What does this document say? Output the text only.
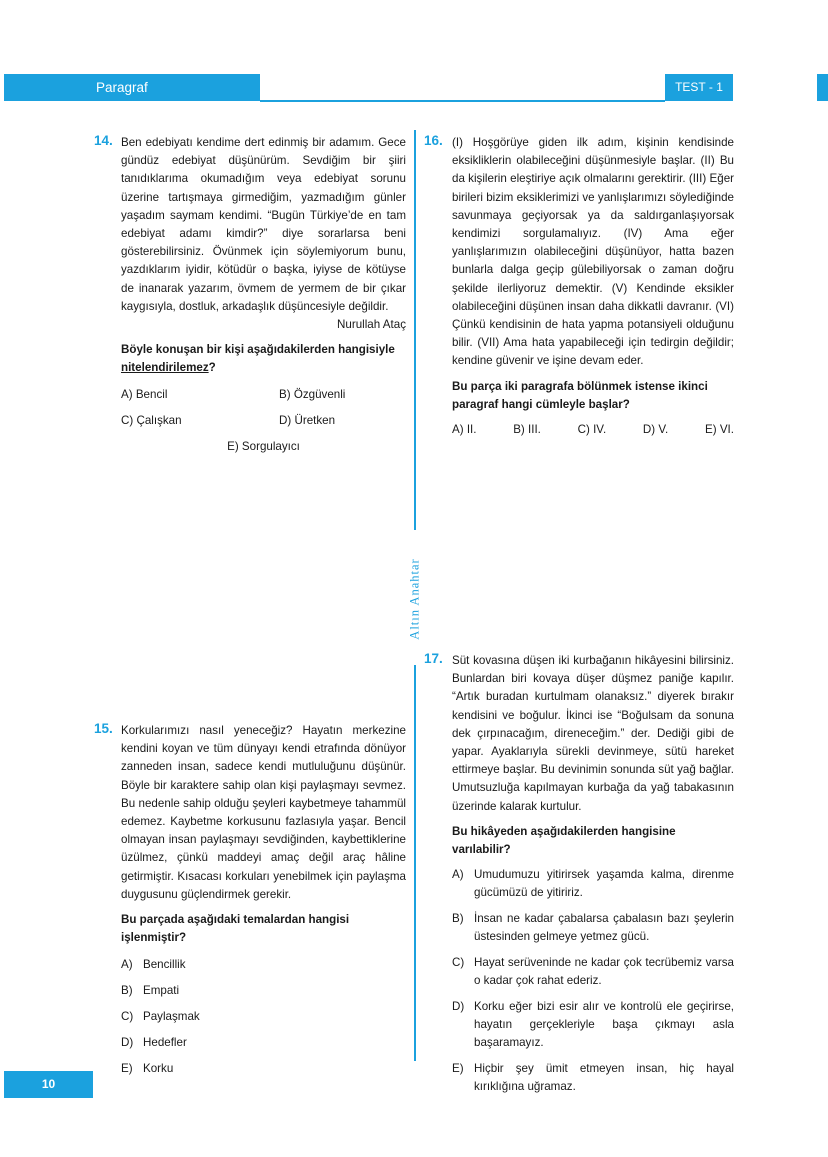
Paragraf	TEST - 1
Altın Anahtar
14. Ben edebiyatı kendime dert edinmiş bir adamım. Gece gündüz edebiyat düşünürüm. Sevdiğim bir şiiri tanıdıklarıma okumadığım veya edebiyat sorunu üzerine tartışmaya girmediğim, yazmadığım günler yaşadım saymam kendimi. “Bugün Türkiye’de en tam edebiyat adamı kimdir?” diye sorarlarsa beni gösterebilirsiniz. Övünmek için söylemiyorum bunu, yazdıklarım iyidir, kötüdür o başka, iyiyse de kötüyse de inanarak yazarım, övmem de yermem de bir çıkar kaygısıyla, dostluk, arkadaşlık düşüncesiyle değildir.

Nurullah Ataç

Böyle konuşan bir kişi aşağıdakilerden hangisiyle nitelendirilemez?

A) Bencil	B) Özgüvenli
C) Çalışkan	D) Üretken
E) Sorgulayıcı
15. Korkularımızı nasıl yeneceğiz? Hayatın merkezine kendini koyan ve tüm dünyayı kendi etrafında dönüyor zanneden insan, sadece kendi mutluluğunu düşünür. Böyle bir karaktere sahip olan kişi paylaşmayı sevmez. Bu nedenle sahip olduğu şeyleri kaybetmeye tahammül edemez. Kaybetme korkusunu fazlasıyla yaşar. Bencil olmayan insan paylaşmayı sevdiğinden, kaybettiklerine üzülmez, çünkü maddeyi amaç değil araç hâline getirmiştir. Kısacası korkuları yenebilmek için paylaşma duygusunu güçlendirmek gerekir.

Bu parçada aşağıdaki temalardan hangisi işlenmiştir?

A) Bencillik
B) Empati
C) Paylaşmak
D) Hedefler
E) Korku
16. (I) Hoşgörüye giden ilk adım, kişinin kendisinde eksikliklerin olabileceğini düşünmesiyle başlar. (II) Bu da kişilerin eleştiriye açık olmalarını gerektirir. (III) Eğer birileri bizim eksiklerimizi ve yanlışlarımızı söylediğinde savunmaya geçiyorsak ya da saldırganlaşıyorsak kendimizi sorgulamalıyız. (IV) Ama eğer yanlışlarımızın olabileceğini düşünüyor, hatta bazen bunlarla dalga geçip gülebiliyorsak o zaman doğru şekilde ilerliyoruz demektir. (V) Kendinde eksikler olabileceğini düşünen insan daha dikkatli davranır. (VI) Çünkü kendisinin de hata yapma potansiyeli olduğunu bilir. (VII) Ama hata yapabileceği için tedirgin değildir; kendine güvenir ve işine devam eder.

Bu parça iki paragrafa bölünmek istense ikinci paragraf hangi cümleyle başlar?

A) II.	B) III.	C) IV.	D) V.	E) VI.
17. Süt kovasına düşen iki kurbağanın hikâyesini bilirsiniz. Bunlardan biri kovaya düşer düşmez paniğe kapılır. “Artık buradan kurtulmam olanaksız.” diyerek bırakır kendisini ve boğulur. İkinci ise “Boğulsam da sonuna dek çırpınacağım, direneceğim.” der. Dediği gibi de yapar. Ayaklarıyla sürekli devinmeye, sütü hareket ettirmeye başlar. Bu devinimin sonunda süt yağ bağlar. Umutsuzluğa kapılmayan kurbağa da yağ tabakasının üzerinde kalarak kurtulur.

Bu hikâyeden aşağıdakilerden hangisine varılabilir?

A) Umudumuzu yitirirsek yaşamda kalma, direnme gücümüzü de yitiririz.
B) İnsan ne kadar çabalarsa çabalasın bazı şeylerin üstesinden gelmeye yetmez gücü.
C) Hayat serüveninde ne kadar çok tecrübemiz varsa o kadar çok rahat ederiz.
D) Korku eğer bizi esir alır ve kontrolü ele geçirirse, hayatın gerçekleriyle başa çıkmayı asla başaramayız.
E) Hiçbir şey ümit etmeyen insan, hiç hayal kırıklığına uğramaz.
10
